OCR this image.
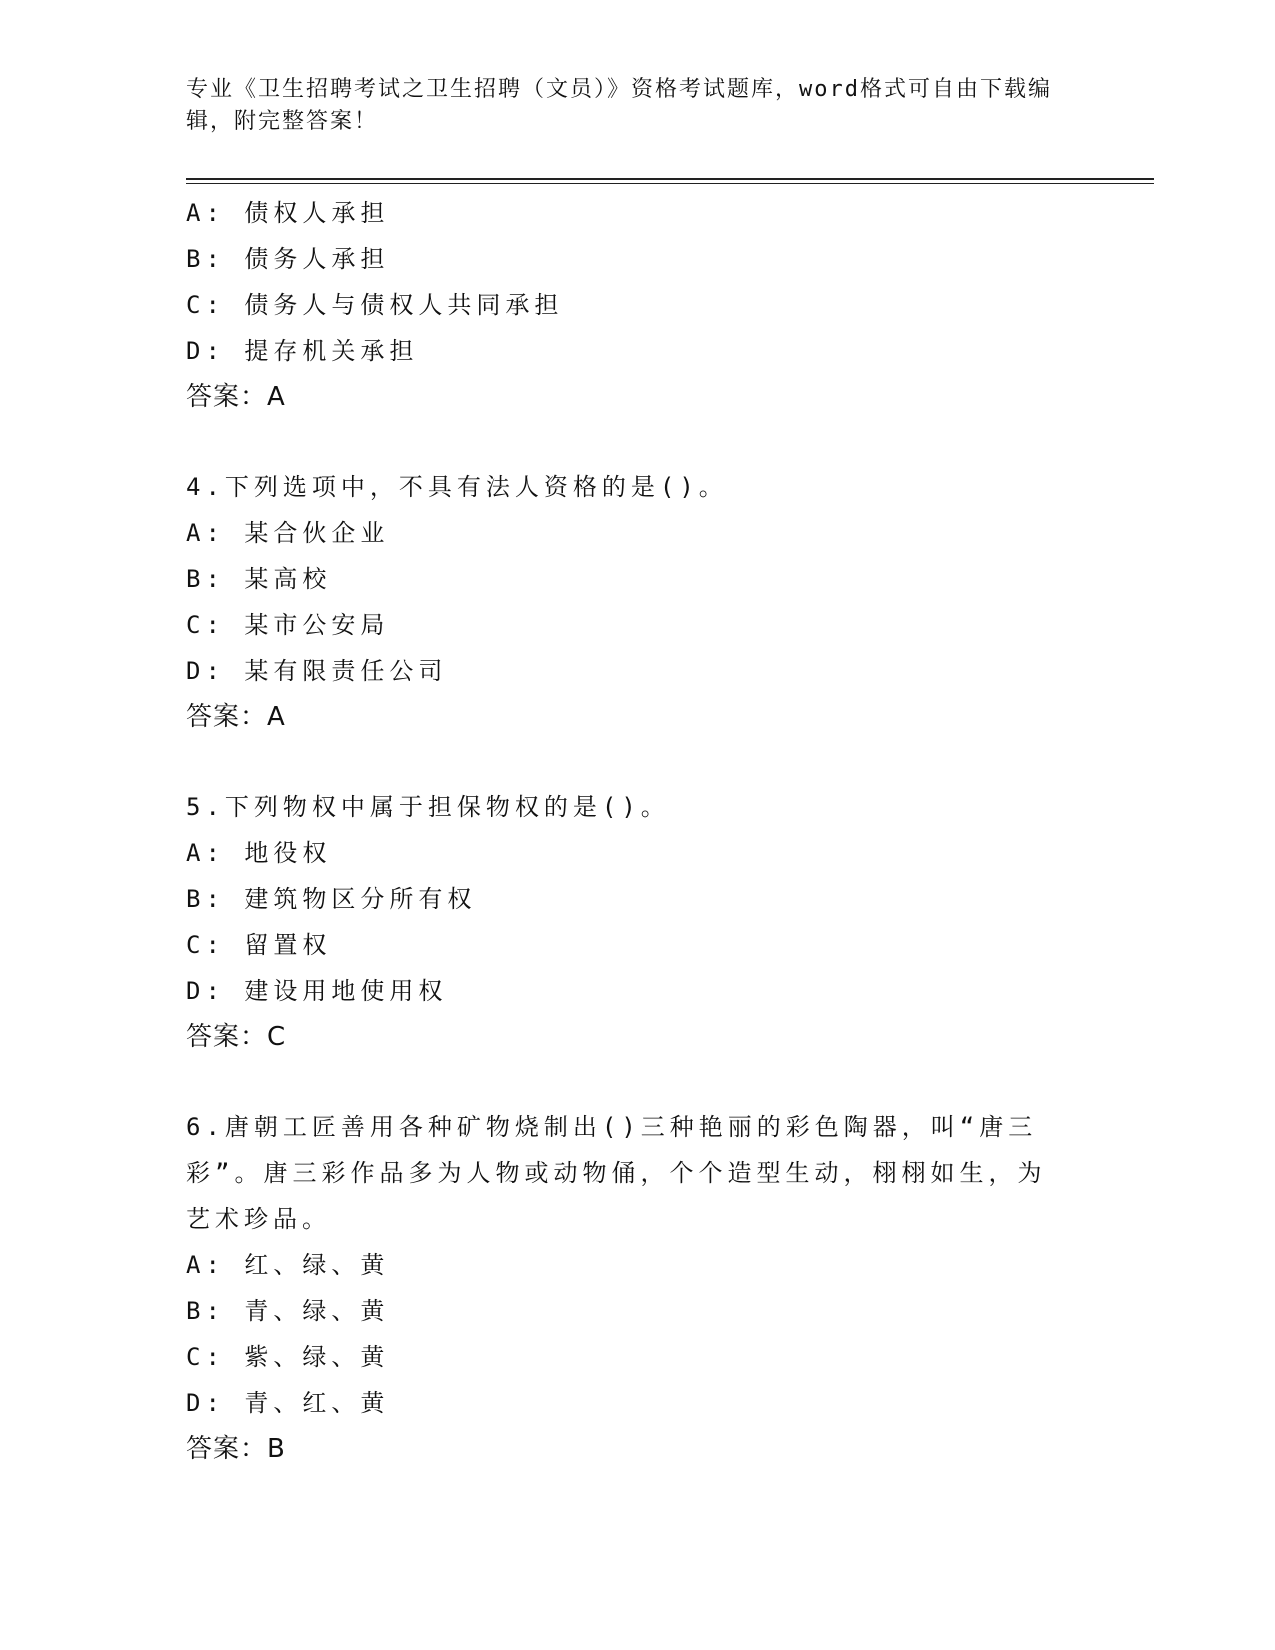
专业《卫生招聘考试之卫生招聘（文员）》资格考试题库，word格式可自由下载编辑，附完整答案！
A: 债权人承担
B: 债务人承担
C: 债务人与债权人共同承担
D: 提存机关承担
答案：A
4.下列选项中，不具有法人资格的是()。
A: 某合伙企业
B: 某高校
C: 某市公安局
D: 某有限责任公司
答案：A
5.下列物权中属于担保物权的是()。
A: 地役权
B: 建筑物区分所有权
C: 留置权
D: 建设用地使用权
答案：C
6.唐朝工匠善用各种矿物烧制出()三种艳丽的彩色陶器，叫“唐三彩”。唐三彩作品多为人物或动物俑，个个造型生动，栩栩如生，为艺术珍品。
A: 红、绿、黄
B: 青、绿、黄
C: 紫、绿、黄
D: 青、红、黄
答案：B
